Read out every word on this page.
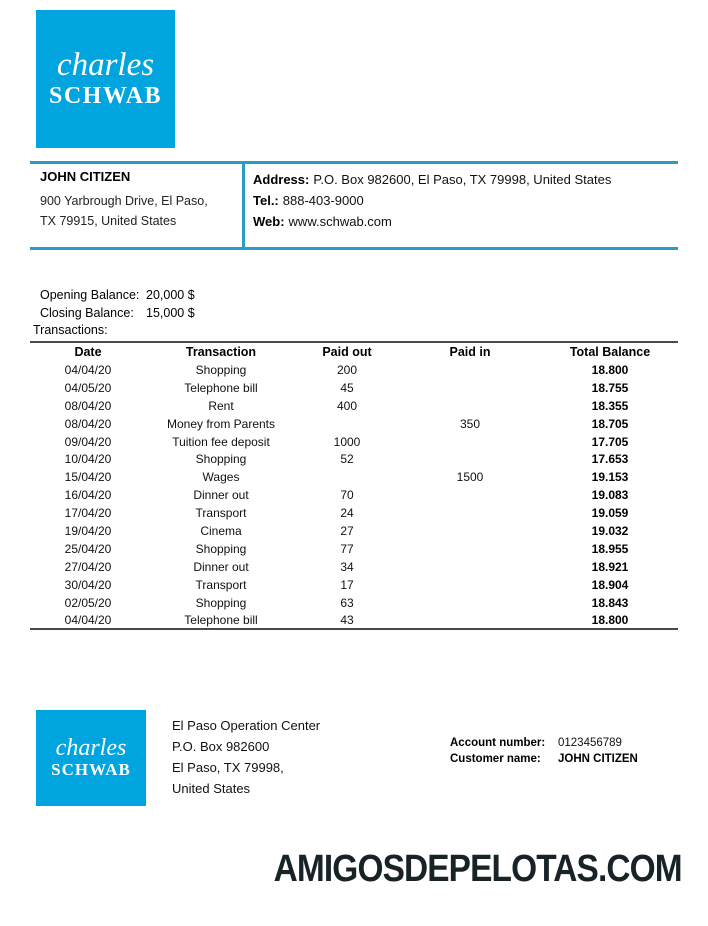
charles
SCHWAB
JOHN CITIZEN
900 Yarbrough Drive, El Paso,
TX 79915, United States
Address: P.O. Box 982600, El Paso, TX 79998, United States
Tel.: 888-403-9000
Web: www.schwab.com
Opening Balance: 20,000 $
Closing Balance: 15,000 $
Transactions:
Date	Transaction	Paid out	Paid in	Total Balance
04/04/20	Shopping	200		18.800
04/05/20	Telephone bill	45		18.755
08/04/20	Rent	400		18.355
08/04/20	Money from Parents		350	18.705
09/04/20	Tuition fee deposit	1000		17.705
10/04/20	Shopping	52		17.653
15/04/20	Wages		1500	19.153
16/04/20	Dinner out	70		19.083
17/04/20	Transport	24		19.059
19/04/20	Cinema	27		19.032
25/04/20	Shopping	77		18.955
27/04/20	Dinner out	34		18.921
30/04/20	Transport	17		18.904
02/05/20	Shopping	63		18.843
04/04/20	Telephone bill	43		18.800
charles
SCHWAB
El Paso Operation Center
P.O. Box 982600
El Paso, TX 79998,
United States
Account number: 0123456789
Customer name: JOHN CITIZEN
AMIGOSDEPELOTAS.COM
